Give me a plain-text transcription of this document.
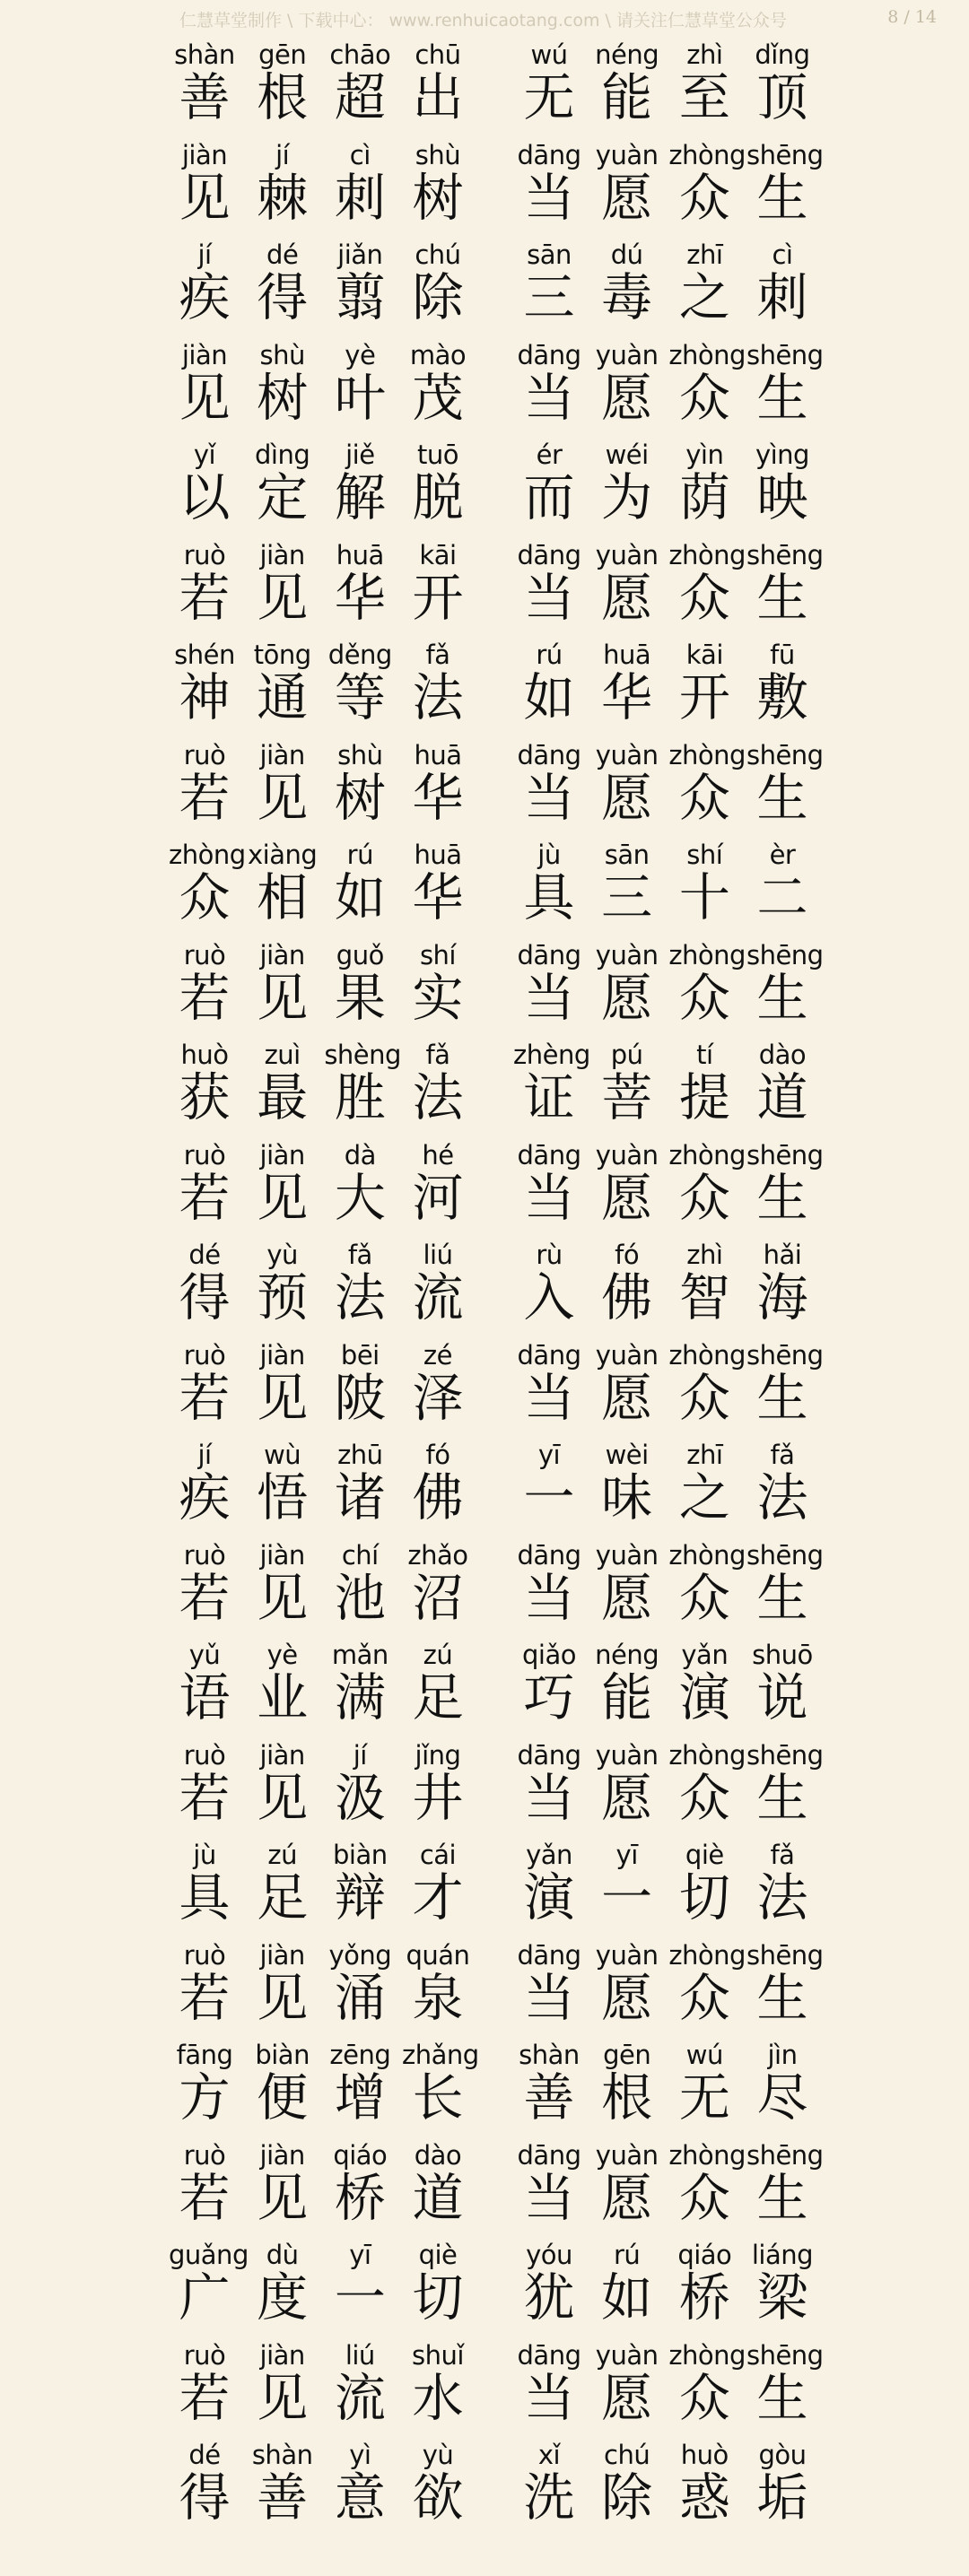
仁慧草堂制作 \ 下载中心： www.renhuicaotang.com \ 请关注仁慧草堂公众号	8 / 14
shàn
善
gēn
根
chāo
超
chū
出
wú
无
néng
能
zhì
至
dǐng
顶
jiàn
见
jí
棘
cì
刺
shù
树
dāng
当
yuàn
愿
zhòng
众
shēng
生
jí
疾
dé
得
jiǎn
翦
chú
除
sān
三
dú
毒
zhī
之
cì
刺
jiàn
见
shù
树
yè
叶
mào
茂
dāng
当
yuàn
愿
zhòng
众
shēng
生
yǐ
以
dìng
定
jiě
解
tuō
脱
ér
而
wéi
为
yìn
荫
yìng
映
ruò
若
jiàn
见
huā
华
kāi
开
dāng
当
yuàn
愿
zhòng
众
shēng
生
shén
神
tōng
通
děng
等
fǎ
法
rú
如
huā
华
kāi
开
fū
敷
ruò
若
jiàn
见
shù
树
huā
华
dāng
当
yuàn
愿
zhòng
众
shēng
生
zhòng
众
xiàng
相
rú
如
huā
华
jù
具
sān
三
shí
十
èr
二
ruò
若
jiàn
见
guǒ
果
shí
实
dāng
当
yuàn
愿
zhòng
众
shēng
生
huò
获
zuì
最
shèng
胜
fǎ
法
zhèng
证
pú
菩
tí
提
dào
道
ruò
若
jiàn
见
dà
大
hé
河
dāng
当
yuàn
愿
zhòng
众
shēng
生
dé
得
yù
预
fǎ
法
liú
流
rù
入
fó
佛
zhì
智
hǎi
海
ruò
若
jiàn
见
bēi
陂
zé
泽
dāng
当
yuàn
愿
zhòng
众
shēng
生
jí
疾
wù
悟
zhū
诸
fó
佛
yī
一
wèi
味
zhī
之
fǎ
法
ruò
若
jiàn
见
chí
池
zhǎo
沼
dāng
当
yuàn
愿
zhòng
众
shēng
生
yǔ
语
yè
业
mǎn
满
zú
足
qiǎo
巧
néng
能
yǎn
演
shuō
说
ruò
若
jiàn
见
jí
汲
jǐng
井
dāng
当
yuàn
愿
zhòng
众
shēng
生
jù
具
zú
足
biàn
辩
cái
才
yǎn
演
yī
一
qiè
切
fǎ
法
ruò
若
jiàn
见
yǒng
涌
quán
泉
dāng
当
yuàn
愿
zhòng
众
shēng
生
fāng
方
biàn
便
zēng
增
zhǎng
长
shàn
善
gēn
根
wú
无
jìn
尽
ruò
若
jiàn
见
qiáo
桥
dào
道
dāng
当
yuàn
愿
zhòng
众
shēng
生
guǎng
广
dù
度
yī
一
qiè
切
yóu
犹
rú
如
qiáo
桥
liáng
梁
ruò
若
jiàn
见
liú
流
shuǐ
水
dāng
当
yuàn
愿
zhòng
众
shēng
生
dé
得
shàn
善
yì
意
yù
欲
xǐ
洗
chú
除
huò
惑
gòu
垢
